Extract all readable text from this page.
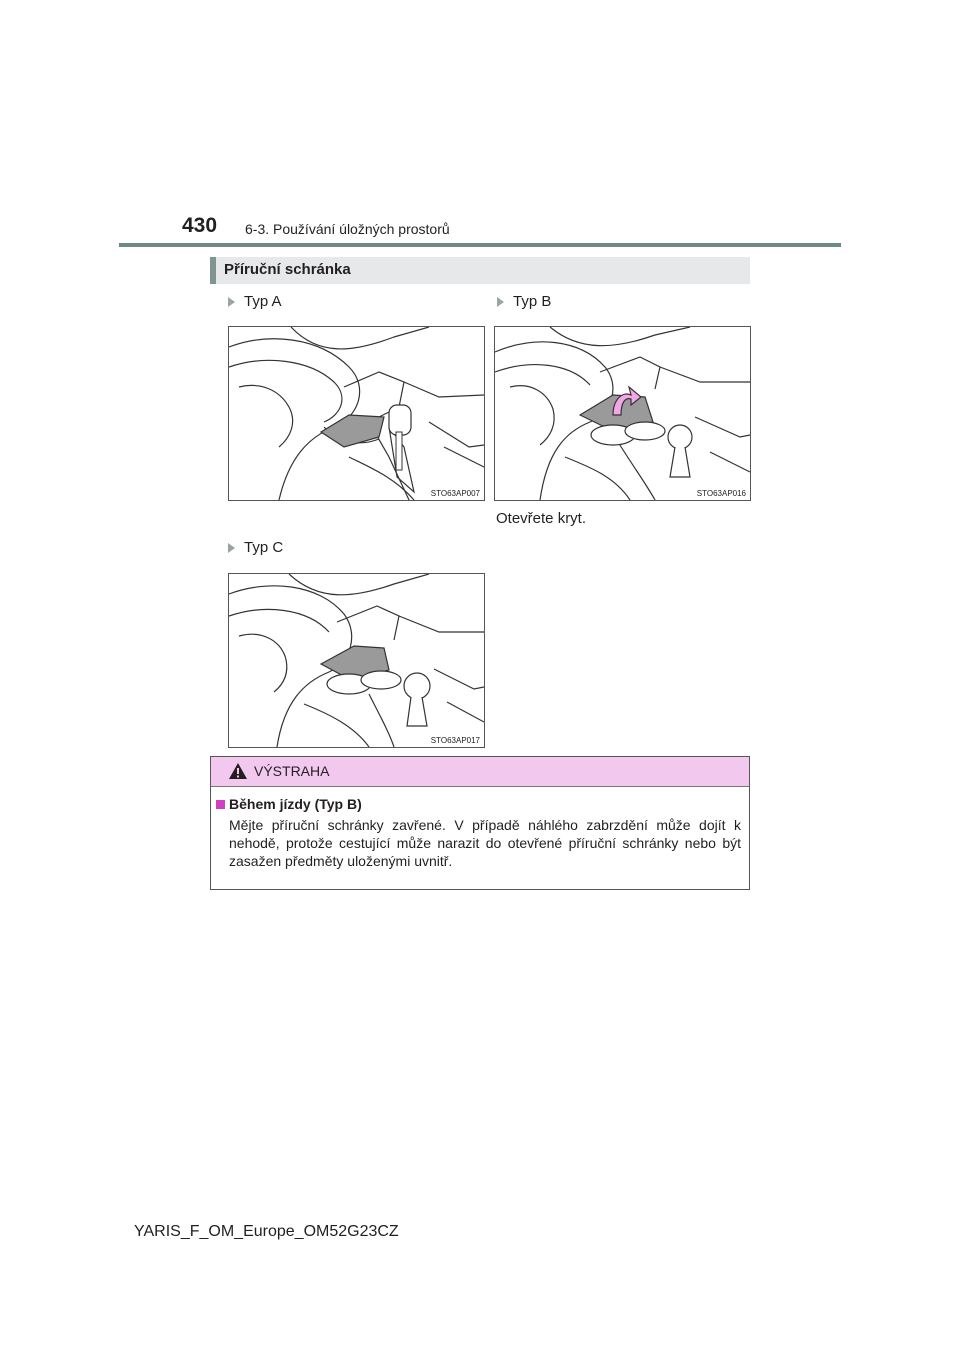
430 6-3. Používání úložných prostorů
Příruční schránka
Typ A
STO63AP007
Typ B
STO63AP016
Otevřete kryt.
Typ C
STO63AP017
VÝSTRAHA
Během jízdy (Typ B)
Mějte příruční schránky zavřené. V případě náhlého zabrzdění může dojít k nehodě, protože cestující může narazit do otevřené příruční schránky nebo být zasažen předměty uloženými uvnitř.
YARIS_F_OM_Europe_OM52G23CZ
